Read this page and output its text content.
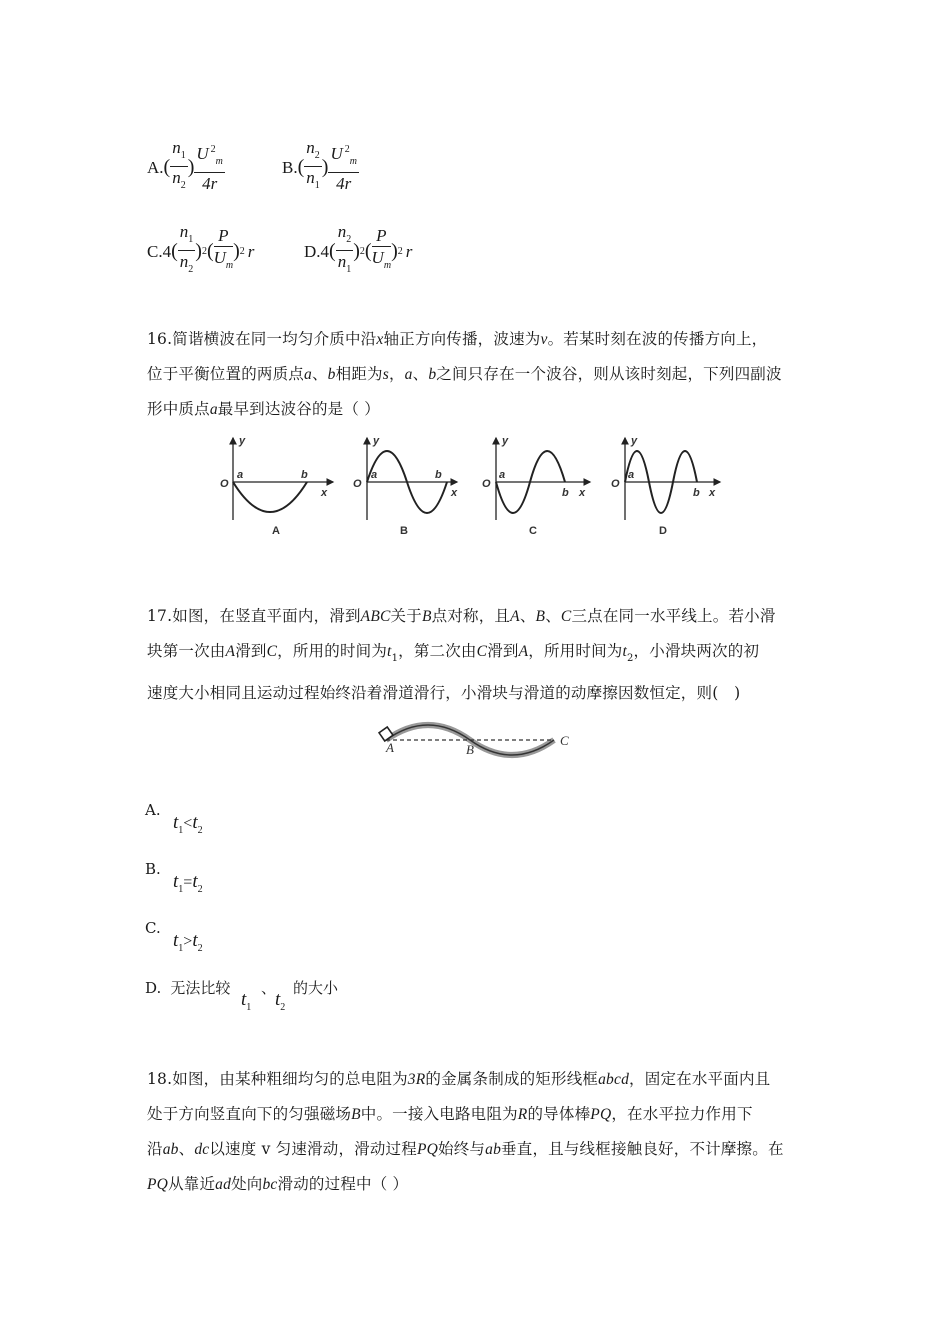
A. ( $\frac{n_1}{n_2}$ ) $\frac{U ^2_m}{4r}$	B. ( $\frac{n_2}{n_1}$ ) $\frac{U ^2_m}{4r}$
C.4 ( $\frac{n_1}{n_2}$ ) 2 ( $\frac{P}{U_m}$ ) 2 r	D.4 ( $\frac{n_2}{n_1}$ ) 2 ( $\frac{P}{U_m}$ ) 2 r
16.简谐横波在同一均匀介质中沿x轴正方向传播，波速为v。若某时刻在波的传播方向上，
位于平衡位置的两质点a、b相距为s，a、b之间只存在一个波谷，则从该时刻起，下列四副波
形中质点a最早到达波谷的是（ ）
O
y
a	b
x
A
O
y
a	b
x
B
O
y
a
b x
C
O
y
a
b x
D
17.如图，在竖直平面内，滑到ABC关于B点对称，且A、B、C三点在同一水平线上。若小滑
块第一次由A滑到C，所用的时间为$t_1$，第二次由C滑到A，所用时间为$t_2$，小滑块两次的初
速度大小相同且运动过程始终沿着滑道滑行，小滑块与滑道的动摩擦因数恒定，则(　)
A	B
C
A.
$t_1<t_2$
B.
$t_1=t_2$
C.
$t_1>t_2$
D. 无法比较
$t_1$
、
$t_2$
的大小
18.如图，由某种粗细均匀的总电阻为3R的金属条制成的矩形线框abcd，固定在水平面内且
处于方向竖直向下的匀强磁场B中。一接入电路电阻为R的导体棒PQ，在水平拉力作用下
沿ab、dc以速度 v 匀速滑动，滑动过程PQ始终与ab垂直，且与线框接触良好，不计摩擦。在
PQ从靠近ad处向bc滑动的过程中（ ）
